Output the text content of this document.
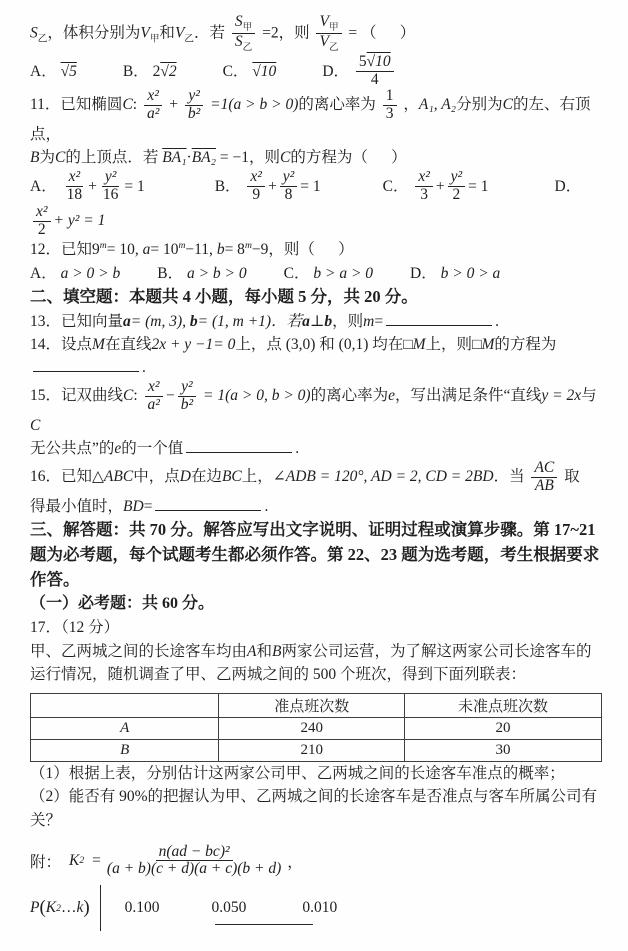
$S_乙$，体积分别为$V_甲$和$V_乙$．若 $\frac{S_甲}{S_乙} =2$，则 $\frac{V_甲}{V_乙}$ = （      ）

A．
√5	B．
2 √2	C．
√10	D．
$\frac{5√10}{4}$

11．已知椭圆C: $\frac{\text{x²}}{\text{a²}} + \frac{\text{y²}}{\text{b²}} =1(a > b > 0)$的离心率为 $\frac{1}{3}$ ，A₁, A₂分别为C的左、右顶点，

B为C的上顶点．若 BA₁·BA₂ = −1，则C的方程为（      ）

A．
$\frac{\text{x²}}{18} + \frac{\text{y²}}{16} = 1$	B．
$\frac{\text{x²}}{9} + \frac{\text{y²}}{8} = 1$	C．
$\frac{\text{x²}}{3} + \frac{\text{y²}}{2} = 1$	D．

$\frac{\text{x²}}{2} + y^2 = 1$

12．已知$9^m= 10$, $a= 10^m-11$, $b= 8^m-9$，则（      ）

A．
a > 0 > b B．
a > b > 0 C．
b > a > 0 D．
b > 0 > a

二、填空题：本题共 4 小题，每小题 5 分，共 20 分。

13．已知向量a= (m, 3), b= (1, m +1)．若a⊥b，则m=	.

14．设点M在直线2x + y −1= 0上，点 (3,0) 和 (0,1) 均在□M上，则□M的方程为

.

15．记双曲线C: $\frac{\text{x²}}{\text{a²}} - \frac{\text{y²}}{\text{b²}} = 1(a > 0$, b > 0)的离心率为e，写出满足条件“直线y = 2x与C

无公共点”的e的一个值	.

16．已知△ABC中，点D在边BC上，∠ADB = 120°, AD = 2, CD = 2BD．当 $\frac{AC}{AB}$ 取

得最小值时，BD=	.

三、解答题：共 70 分。解答应写出文字说明、证明过程或演算步骤。第 17~21
题为必考题，每个试题考生都必须作答。第 22、23 题为选考题，考生根据要求
作答。

（一）必考题：共 60 分。

17．（12 分）

甲、乙两城之间的长途客车均由A和B两家公司运营，为了解这两家公司长途客车的运行情况，随机调查了甲、乙两城之间的 500 个班次，得到下面列联表：

	准点班次数	未准点班次数
A	240	20
B	210	30

（1）根据上表，分别估计这两家公司甲、乙两城之间的长途客车准点的概率；

（2）能否有 90%的把握认为甲、乙两城之间的长途客车是否准点与客车所属公司有关？

附： K $2 = \frac{\text{n(ad − bc)²}}{(a + b)(c + d)(a + c)(b + d)}$ ，
P ( K 2 … k ) 0.100	0.050	0.010
